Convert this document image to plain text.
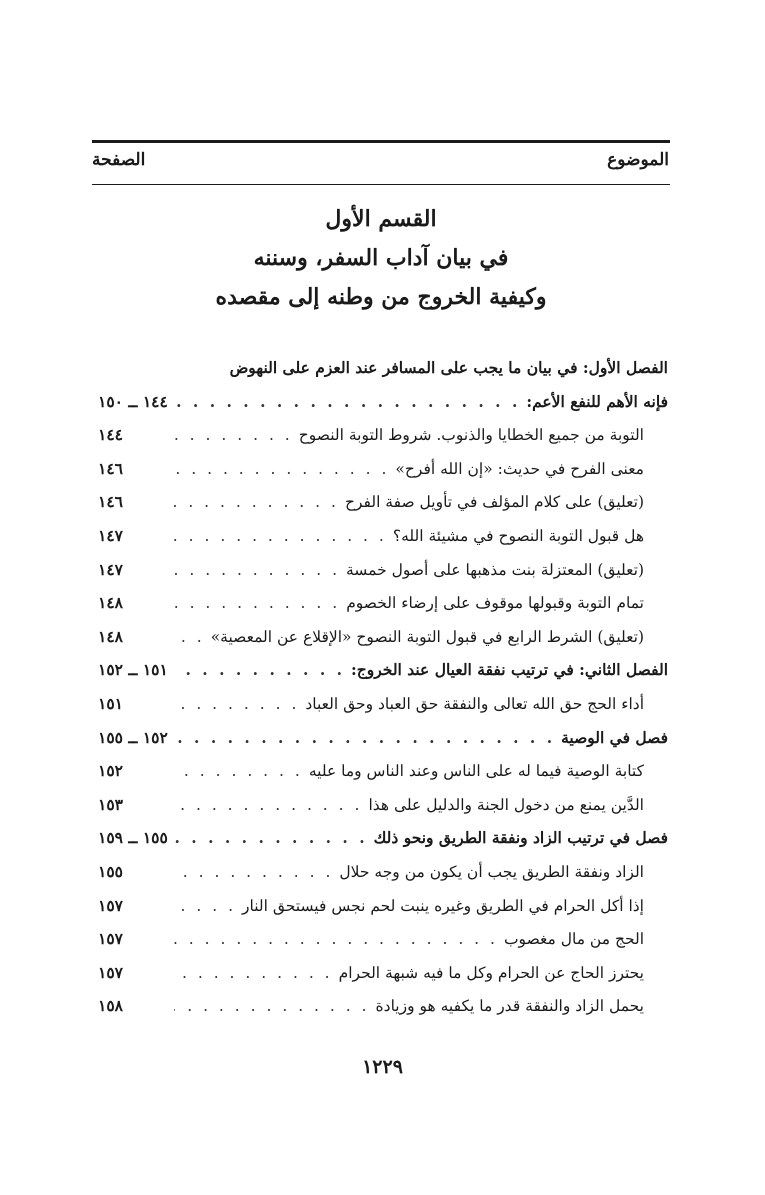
الموضوع
الصفحة
القسم الأول
في بيان آداب السفر، وسننه
وكيفية الخروج من وطنه إلى مقصده
الفصل الأول: في بيان ما يجب على المسافر عند العزم على النهوض
فإنه الأهم للنفع الأعم:
. . .
١٤٤ ــ ١٥٠
التوبة من جميع الخطايا والذنوب. شروط التوبة النصوح
. . .
١٤٤
معنى الفرح في حديث: «إن الله أفرح»
. . .
١٤٦
(تعليق) على كلام المؤلف في تأويل صفة الفرح
. . .
١٤٦
هل قبول التوبة النصوح في مشيئة الله؟
. . .
١٤٧
(تعليق) المعتزلة بنت مذهبها على أصول خمسة
. . .
١٤٧
تمام التوبة وقبولها موقوف على إرضاء الخصوم
. . .
١٤٨
(تعليق) الشرط الرابع في قبول التوبة النصوح «الإقلاع عن المعصية»
. . .
١٤٨
الفصل الثاني: في ترتيب نفقة العيال عند الخروج:
. . .
١٥١ ــ ١٥٢
أداء الحج حق الله تعالى والنفقة حق العباد وحق العباد
. . .
١٥١
فصل في الوصية
. . .
١٥٢ ــ ١٥٥
كتابة الوصية فيما له على الناس وعند الناس وما عليه
. . .
١٥٢
الدَّين يمنع من دخول الجنة والدليل على هذا
. . .
١٥٣
فصل في ترتيب الزاد ونفقة الطريق ونحو ذلك
. . .
١٥٥ ــ ١٥٩
الزاد ونفقة الطريق يجب أن يكون من وجه حلال
. . .
١٥٥
إذا أكل الحرام في الطريق وغيره ينبت لحم نجس فيستحق النار
. . .
١٥٧
الحج من مال مغصوب
. . .
١٥٧
يحترز الحاج عن الحرام وكل ما فيه شبهة الحرام
. . .
١٥٧
يحمل الزاد والنفقة قدر ما يكفيه هو وزيادة
. . .
١٥٨
١٢٢٩
